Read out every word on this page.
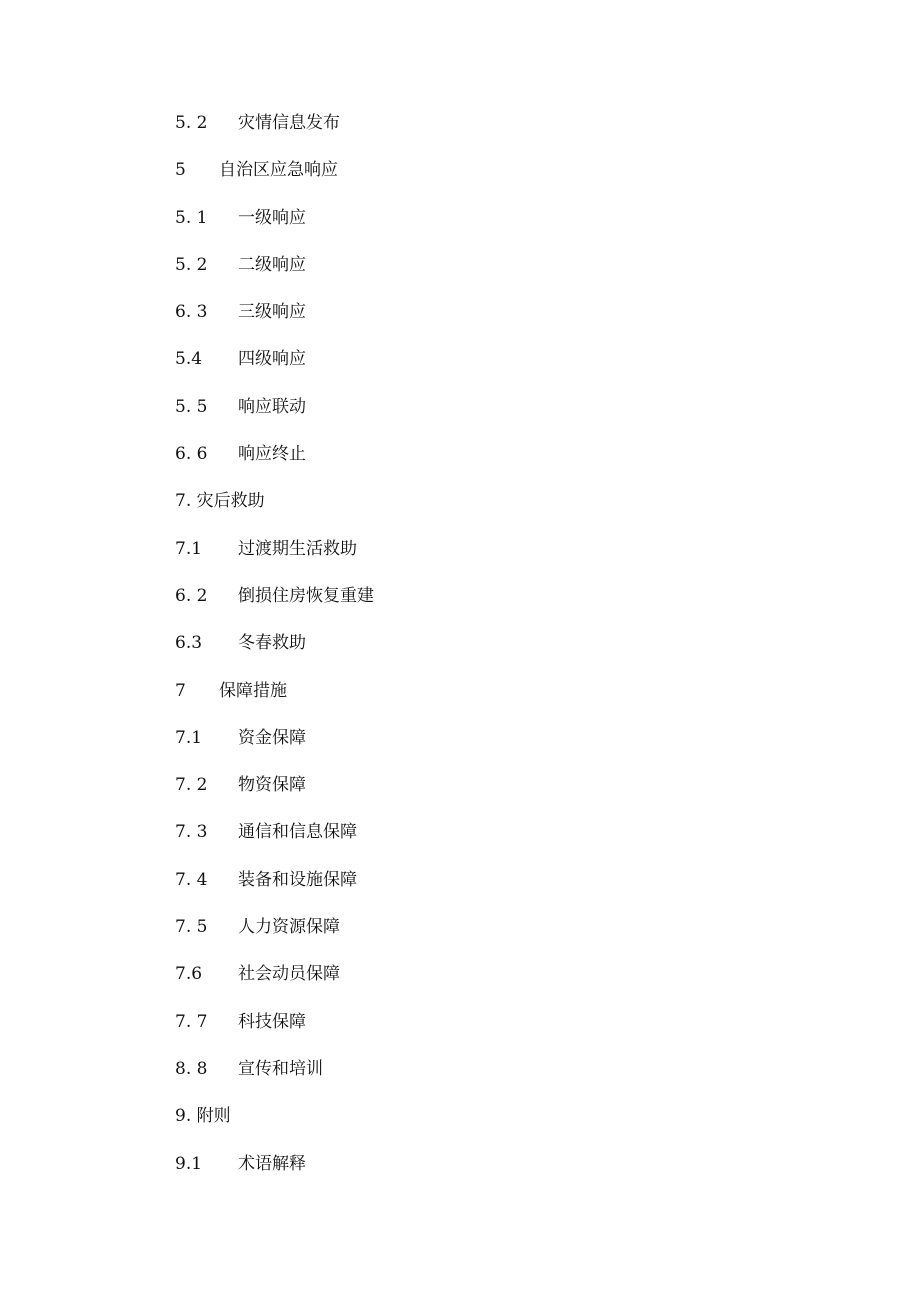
5. 2 灾情信息发布
5 自治区应急响应
5. 1 一级响应
5. 2 二级响应
6. 3 三级响应
5.4 四级响应
5. 5 响应联动
6. 6 响应终止
7. 灾后救助
7.1 过渡期生活救助
6. 2 倒损住房恢复重建
6.3 冬春救助
7 保障措施
7.1 资金保障
7. 2 物资保障
7. 3 通信和信息保障
7. 4 装备和设施保障
7. 5 人力资源保障
7.6 社会动员保障
7. 7 科技保障
8. 8 宣传和培训
9. 附则
9.1 术语解释
